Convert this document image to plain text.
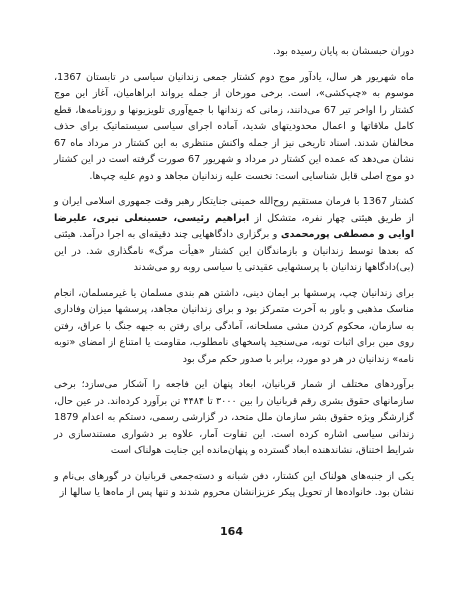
دوران حبسشان به پایان رسیده بود.

ماه شهریور هر سال، یادآور موج دوم کشتار جمعی زندانیان سیاسی در تابستان 1367، موسوم به «چپ‌کشی»، است. برخی مورخان از جمله یرواند ابراهامیان، آغاز این موج کشتار را اواخر تیر 67 می‌دانند، زمانی که زندانها با جمع‌آوری تلویزیونها و روزنامه‌ها، قطع کامل ملاقاتها و اعمال محدودیتهای شدید، آماده اجرای سیاسی سیستماتیک برای حذف مخالفان شدند. اسناد تاریخی نیز از جمله واکنش منتظری به این کشتار در مرداد ماه 67 نشان می‌دهد که عمده این کشتار در مرداد و شهریور 67 صورت گرفته است در این کشتار دو موج اصلی قابل شناسایی است: نخست علیه زندانیان مجاهد و دوم علیه چپ‌ها.

کشتار 1367 با فرمان مستقیم روح‌الله خمینی جنایتکار رهبر وقت جمهوری اسلامی ایران و از طریق هیئتی چهار نفره، متشکل از ابراهیم رئیسی، حسینعلی نیری، علیرضا اوایی و مصطفی پورمحمدی و برگزاری دادگاههایی چند دقیقه‌ای به اجرا درآمد. هیئتی که بعدها توسط زندانیان و بازماندگان این کشتار «هیأت مرگ» نامگذاری شد. در این (بی)دادگاهها زندانیان با پرسشهایی عقیدتی یا سیاسی روبه رو می‌شدند

برای زندانیان چپ، پرسشها بر ایمان دینی، داشتن هم بندی مسلمان یا غیرمسلمان، انجام مناسک مذهبی و باور به آخرت متمرکز بود و برای زندانیان مجاهد، پرسشها میزان وفاداری به سازمان، محکوم کردن مشی مسلحانه، آمادگی برای رفتن به جبهه جنگ با عراق، رفتن روی مین برای اثبات توبه، می‌سنجید پاسخهای نامطلوب، مقاومت یا امتناع از امضای «توبه نامه» زندانیان در هر دو مورد، برابر با صدور حکم مرگ بود

برآوردهای مختلف از شمار قربانیان، ابعاد پنهان این فاجعه را آشکار می‌سازد؛ برخی سازمانهای حقوق بشری رقم قربانیان را بین ۳۰۰۰ تا ۴۴۸۴ تن برآورد کرده‌اند. در عین حال، گزارشگر ویژه حقوق بشر سازمان ملل متحد، در گزارشی رسمی، دستکم به اعدام 1879 زندانی سیاسی اشاره کرده است. این تفاوت آمار، علاوه بر دشواری مستندسازی در شرایط اختناق، نشاندهنده ابعاد گسترده و پنهان‌مانده این جنایت هولناک است

یکی از جنبه‌های هولناک این کشتار، دفن شبانه و دسته‌جمعی قربانیان در گورهای بی‌نام و نشان بود. خانواده‌ها از تحویل پیکر عزیزانشان محروم شدند و تنها پس از ماه‌ها یا سالها از

164
